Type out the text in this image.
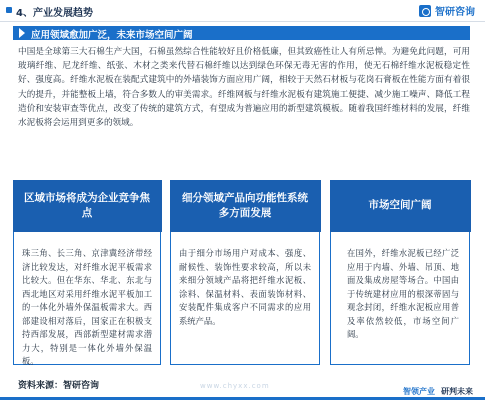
4、产业发展趋势	智研咨询
应用领域愈加广泛，未来市场空间广阔
中国是全球第三大石棉生产大国，石棉虽然综合性能较好且价格低廉，但其致癌性让人有所忌惮。为避免此问题，可用玻璃纤维、尼龙纤维、纸张、木材之类来代替石棉纤维以达到绿色环保无毒无害的作用，使无石棉纤维水泥板稳定性好、强度高。纤维水泥板在装配式建筑中的外墙装饰方面应用广阔，相较于天然石材板与花岗石膏板在性能方面有着很大的提升，并能整板上墙，符合多数人的审美需求。纤维网板与纤维水泥板有建筑施工便捷、减少施工噪声、降低工程造价和安装审查等优点，改变了传统的建筑方式，有望成为普遍应用的新型建筑模板。随着我国纤维材料的发展，纤维水泥板将会运用到更多的领域。
区域市场将成为企业竞争焦点
珠三角、长三角、京津冀经济带经济比较发达，对纤维水泥平板需求比较大。但在华东、华北、东北与西北地区对采用纤维水泥平板加工的一体化外墙外保温板需求大。西部建设相对落后，国家正在积极支持西部发展，西部新型建材需求潜力大，特别是一体化外墙外保温板。
细分领域产品向功能性系统多方面发展
由于细分市场用户对成本、强度、耐候性、装饰性要求较高，所以未来细分领域产品将把纤维水泥板、涂料、保温材料、表面装饰材料、安装配件集成客户不同需求的应用系统产品。
市场空间广阔
在国外，纤维水泥板已经广泛应用于内墙、外墙、吊顶、地面及集成房屋等场合。中国由于传统建材应用的根深蒂固与观念封闭，纤维水泥板应用普及率依然较低，市场空间广阔。
www.chyxx.com
资料来源：智研咨询
智领产业 研判未来
